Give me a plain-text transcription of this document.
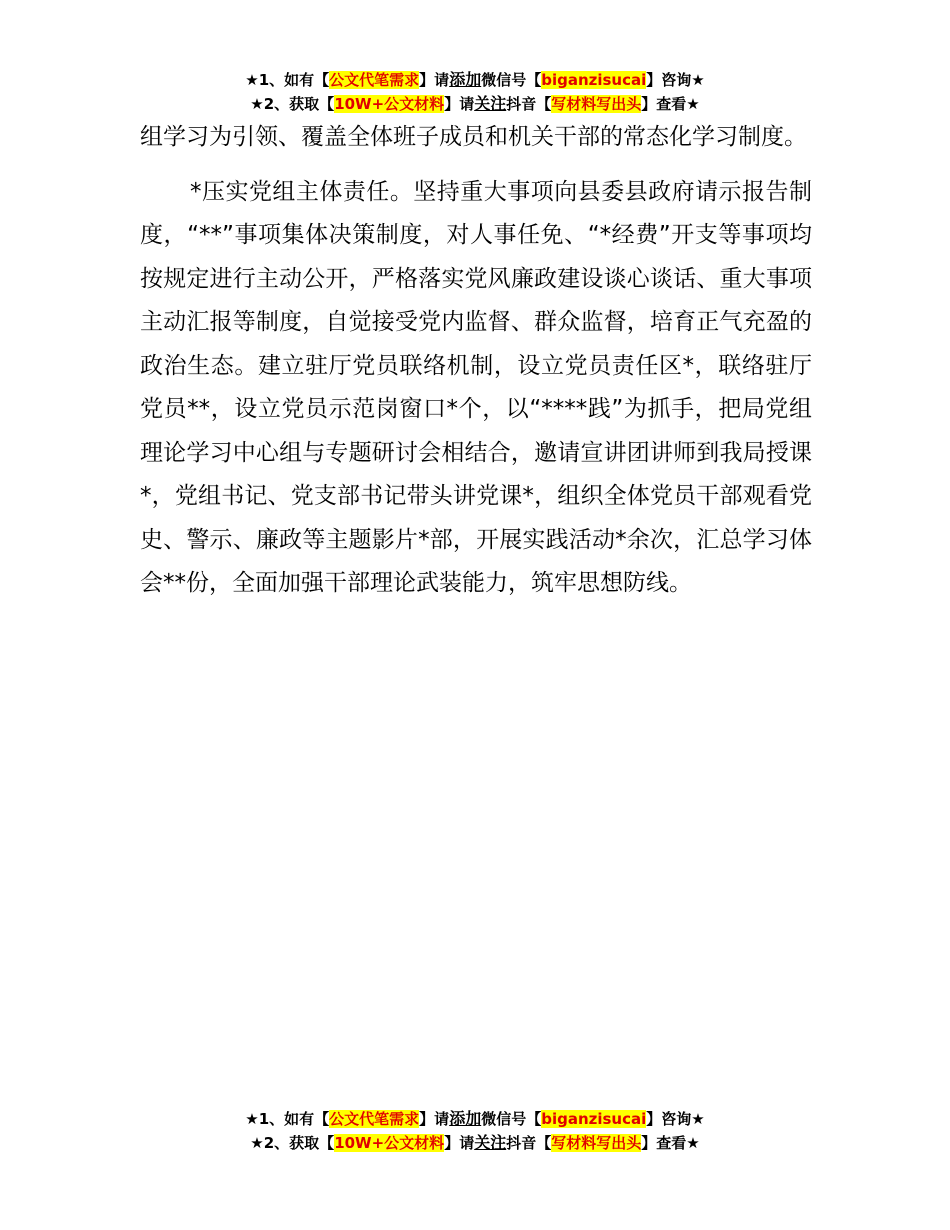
★1、如有【公文代笔需求】请添加微信号【biganzisucai】咨询★
★2、获取【10W+公文材料】请关注抖音【写材料写出头】查看★

组学习为引领、覆盖全体班子成员和机关干部的常态化学习制度。

*压实党组主体责任。坚持重大事项向县委县政府请示报告制度，“**”事项集体决策制度，对人事任免、“*经费”开支等事项均按规定进行主动公开，严格落实党风廉政建设谈心谈话、重大事项主动汇报等制度，自觉接受党内监督、群众监督，培育正气充盈的政治生态。建立驻厅党员联络机制，设立党员责任区*，联络驻厅党员**，设立党员示范岗窗口*个，以“****践”为抓手，把局党组理论学习中心组与专题研讨会相结合，邀请宣讲团讲师到我局授课*，党组书记、党支部书记带头讲党课*，组织全体党员干部观看党史、警示、廉政等主题影片*部，开展实践活动*余次，汇总学习体会**份，全面加强干部理论武装能力，筑牢思想防线。

★1、如有【公文代笔需求】请添加微信号【biganzisucai】咨询★
★2、获取【10W+公文材料】请关注抖音【写材料写出头】查看★
